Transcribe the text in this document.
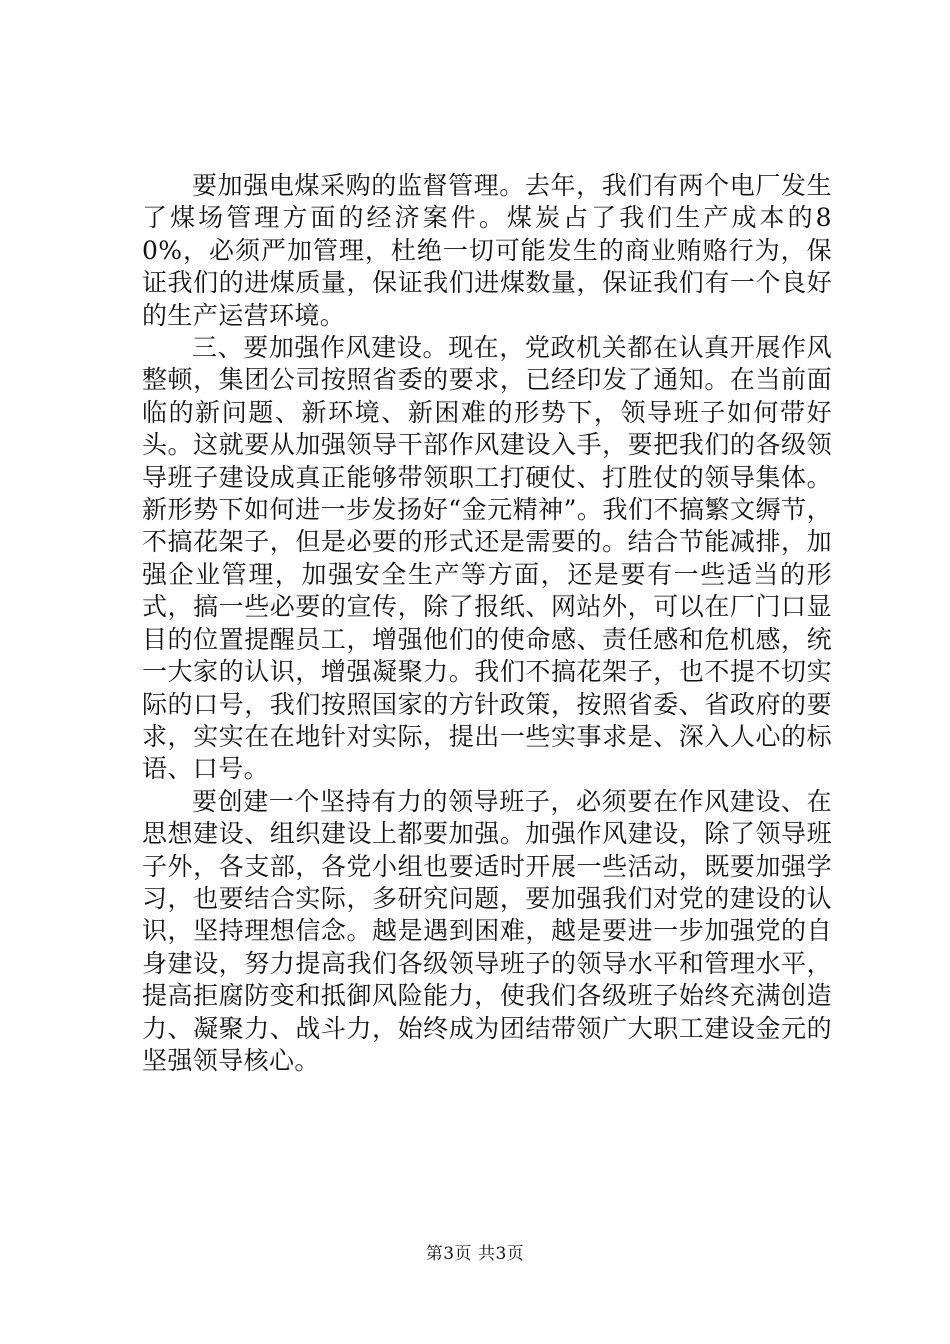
要加强电煤采购的监督管理。去年，我们有两个电厂发生了煤场管理方面的经济案件。煤炭占了我们生产成本的80%，必须严加管理，杜绝一切可能发生的商业贿赂行为，保证我们的进煤质量，保证我们进煤数量，保证我们有一个良好的生产运营环境。

三、要加强作风建设。现在，党政机关都在认真开展作风整顿，集团公司按照省委的要求，已经印发了通知。在当前面临的新问题、新环境、新困难的形势下，领导班子如何带好头。这就要从加强领导干部作风建设入手，要把我们的各级领导班子建设成真正能够带领职工打硬仗、打胜仗的领导集体。新形势下如何进一步发扬好“金元精神”。我们不搞繁文缛节，不搞花架子，但是必要的形式还是需要的。结合节能减排，加强企业管理，加强安全生产等方面，还是要有一些适当的形式，搞一些必要的宣传，除了报纸、网站外，可以在厂门口显目的位置提醒员工，增强他们的使命感、责任感和危机感，统一大家的认识，增强凝聚力。我们不搞花架子，也不提不切实际的口号，我们按照国家的方针政策，按照省委、省政府的要求，实实在在地针对实际，提出一些实事求是、深入人心的标语、口号。

要创建一个坚持有力的领导班子，必须要在作风建设、在思想建设、组织建设上都要加强。加强作风建设，除了领导班子外，各支部，各党小组也要适时开展一些活动，既要加强学习，也要结合实际，多研究问题，要加强我们对党的建设的认识，坚持理想信念。越是遇到困难，越是要进一步加强党的自身建设，努力提高我们各级领导班子的领导水平和管理水平，提高拒腐防变和抵御风险能力，使我们各级班子始终充满创造力、凝聚力、战斗力，始终成为团结带领广大职工建设金元的坚强领导核心。

第3页 共3页
